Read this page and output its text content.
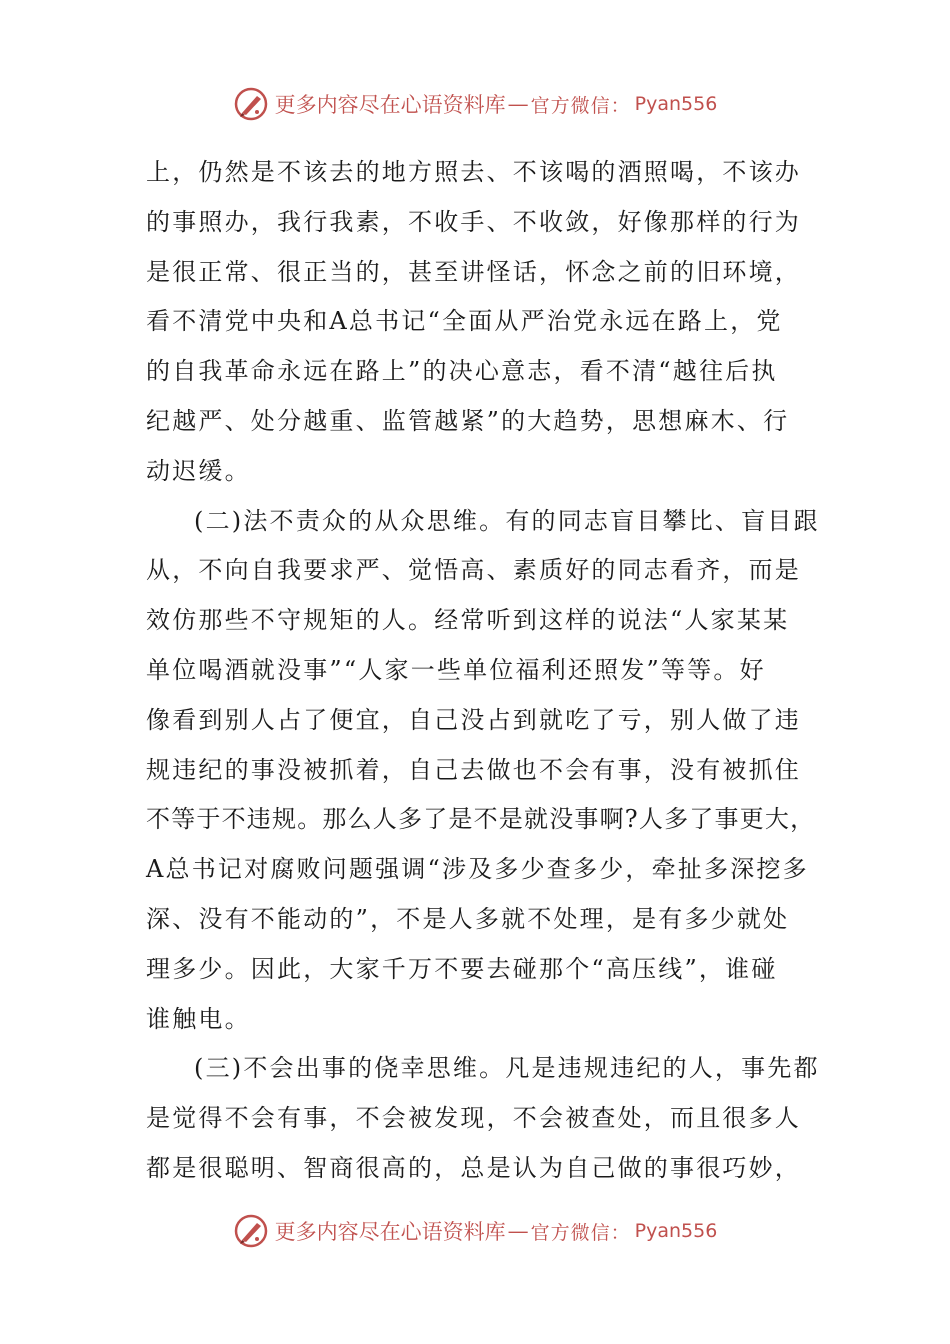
更多内容尽在心语资料库 — 官方微信： Pyan556
上，仍然是不该去的地方照去、不该喝的酒照喝，不该办
的事照办，我行我素，不收手、不收敛，好像那样的行为
是很正常、很正当的，甚至讲怪话，怀念之前的旧环境，
看不清党中央和A总书记“全面从严治党永远在路上，党
的自我革命永远在路上”的决心意志，看不清“越往后执
纪越严、处分越重、监管越紧”的大趋势，思想麻木、行
动迟缓。
(二)法不责众的从众思维。有的同志盲目攀比、盲目跟
从，不向自我要求严、觉悟高、素质好的同志看齐，而是
效仿那些不守规矩的人。经常听到这样的说法“人家某某
单位喝酒就没事”“人家一些单位福利还照发”等等。好
像看到别人占了便宜，自己没占到就吃了亏，别人做了违
规违纪的事没被抓着，自己去做也不会有事，没有被抓住
不等于不违规。那么人多了是不是就没事啊?人多了事更大，
A总书记对腐败问题强调“涉及多少查多少，牵扯多深挖多
深、没有不能动的”，不是人多就不处理，是有多少就处
理多少。因此，大家千万不要去碰那个“高压线”，谁碰
谁触电。
(三)不会出事的侥幸思维。凡是违规违纪的人，事先都
是觉得不会有事，不会被发现，不会被查处，而且很多人
都是很聪明、智商很高的，总是认为自己做的事很巧妙，
更多内容尽在心语资料库 — 官方微信： Pyan556
